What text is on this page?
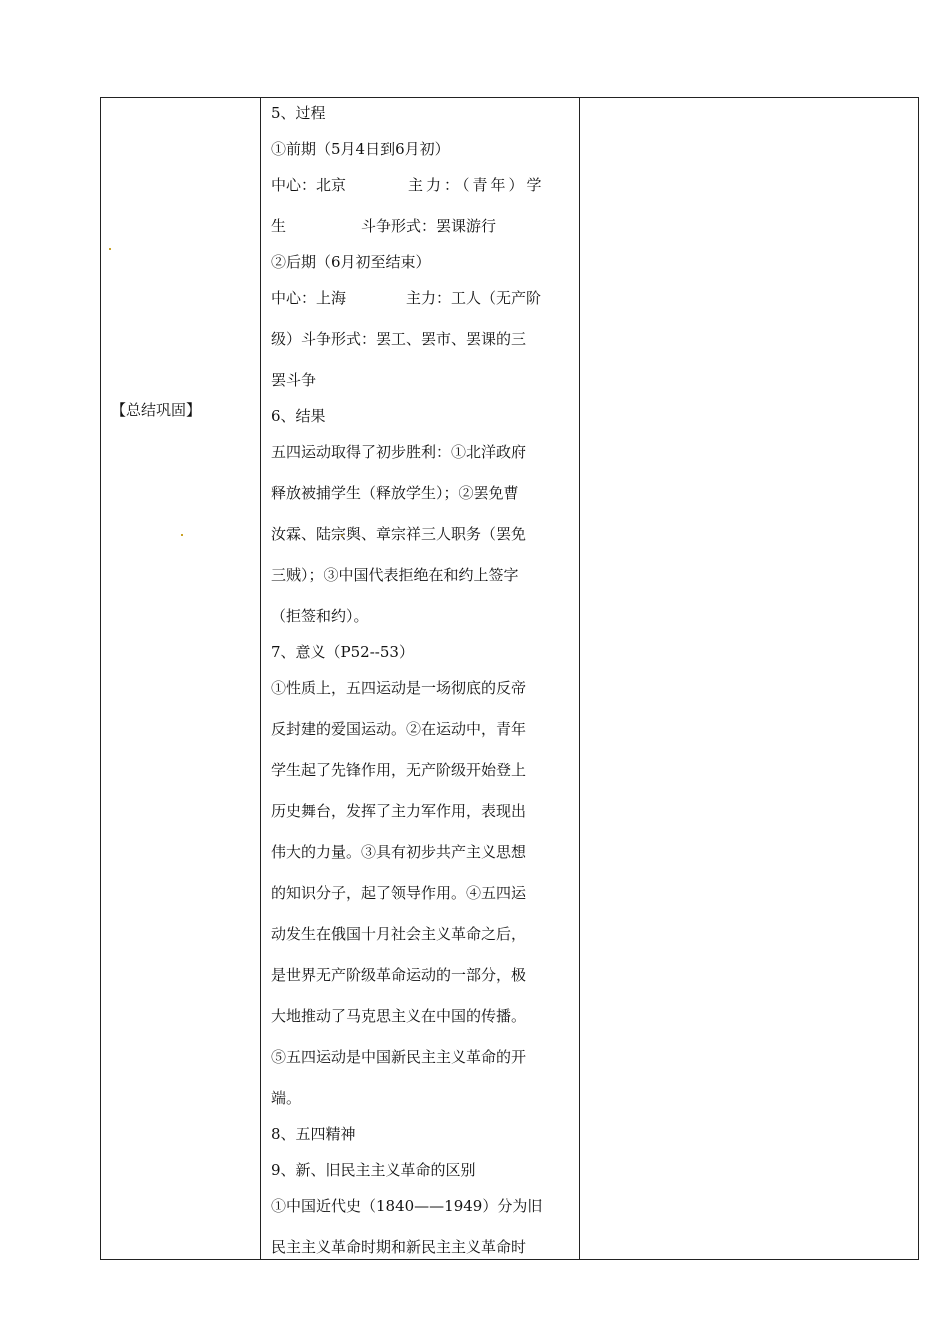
【总结巩固】
5、过程
①前期（5月4日到6月初）
中心：北京	主力：（青年）学
生	斗争形式：罢课游行
②后期（6月初至结束）
中心：上海	主力：工人（无产阶
级）斗争形式：罢工、罢市、罢课的三
罢斗争
6、结果
五四运动取得了初步胜利：①北洋政府
释放被捕学生（释放学生）；②罢免曹
汝霖、陆宗舆、章宗祥三人职务（罢免
三贼）；③中国代表拒绝在和约上签字
（拒签和约）。
7、意义（P52--53）
①性质上，五四运动是一场彻底的反帝
反封建的爱国运动。②在运动中，青年
学生起了先锋作用，无产阶级开始登上
历史舞台，发挥了主力军作用，表现出
伟大的力量。③具有初步共产主义思想
的知识分子，起了领导作用。④五四运
动发生在俄国十月社会主义革命之后，
是世界无产阶级革命运动的一部分，极
大地推动了马克思主义在中国的传播。
⑤五四运动是中国新民主主义革命的开
端。
8、五四精神
9、新、旧民主主义革命的区别
①中国近代史（1840——1949）分为旧
民主主义革命时期和新民主主义革命时
